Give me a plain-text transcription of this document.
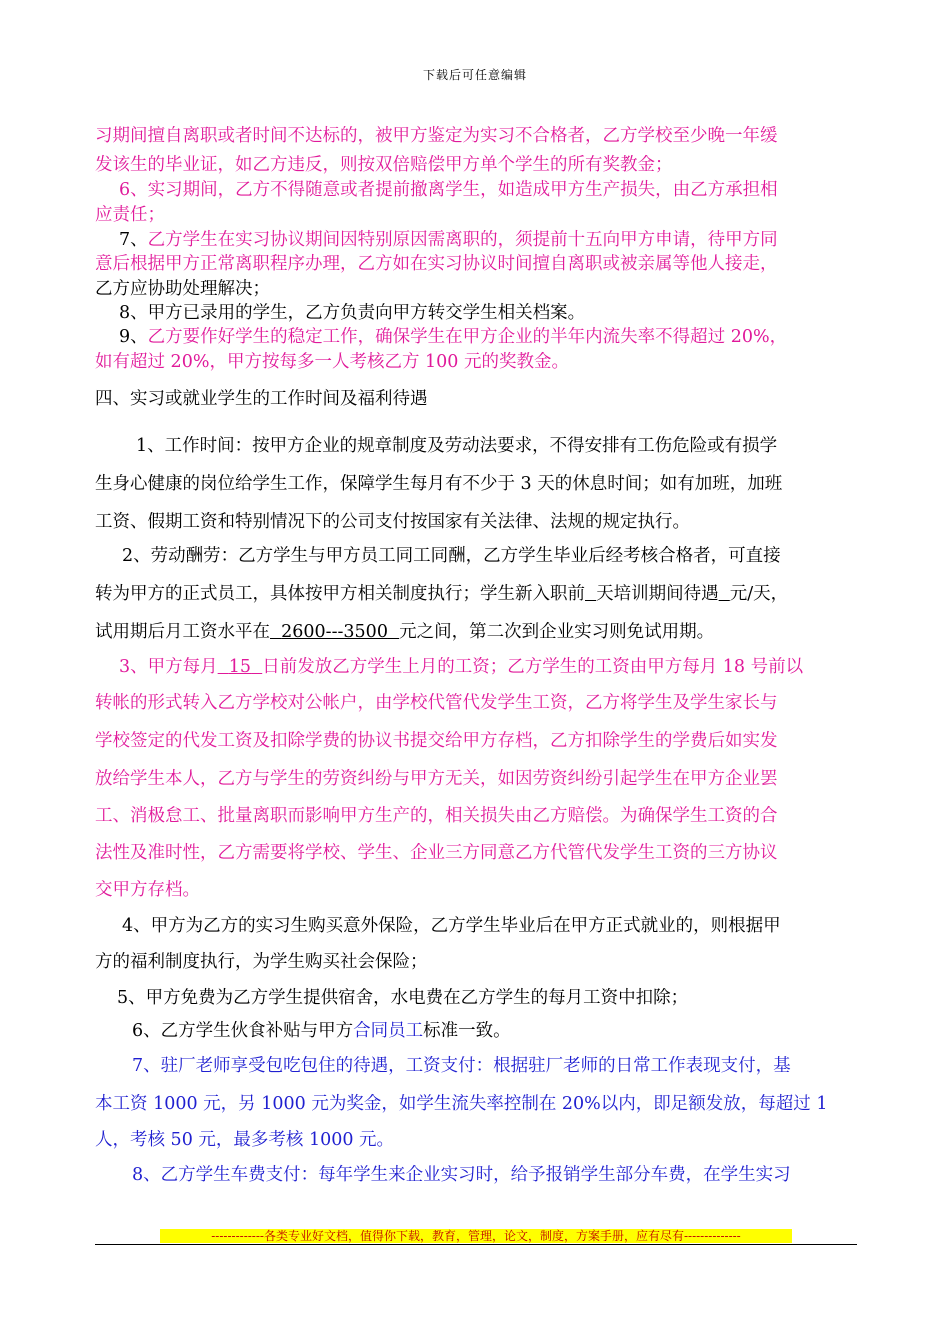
下载后可任意编辑
习期间擅自离职或者时间不达标的，被甲方鉴定为实习不合格者，乙方学校至少晚一年缓
发该生的毕业证，如乙方违反，则按双倍赔偿甲方单个学生的所有奖教金；
6、实习期间，乙方不得随意或者提前撤离学生，如造成甲方生产损失，由乙方承担相
应责任；
7、乙方学生在实习协议期间因特别原因需离职的，须提前十五向甲方申请，待甲方同
意后根据甲方正常离职程序办理，乙方如在实习协议时间擅自离职或被亲属等他人接走，
乙方应协助处理解决；
8、甲方已录用的学生，乙方负责向甲方转交学生相关档案。
9、乙方要作好学生的稳定工作，确保学生在甲方企业的半年内流失率不得超过 20%，
如有超过 20%，甲方按每多一人考核乙方 100 元的奖教金。
四、实习或就业学生的工作时间及福利待遇
1、工作时间：按甲方企业的规章制度及劳动法要求，不得安排有工伤危险或有损学
生身心健康的岗位给学生工作，保障学生每月有不少于 3 天的休息时间；如有加班，加班
工资、假期工资和特别情况下的公司支付按国家有关法律、法规的规定执行。
2、劳动酬劳：乙方学生与甲方员工同工同酬，乙方学生毕业后经考核合格者，可直接
转为甲方的正式员工，具体按甲方相关制度执行；学生新入职前 天培训期间待遇 元/天，
试用期后月工资水平在 2600---3500 元之间，第二次到企业实习则免试用期。
3、甲方每月 15 日前发放乙方学生上月的工资；乙方学生的工资由甲方每月 18 号前以
转帐的形式转入乙方学校对公帐户，由学校代管代发学生工资，乙方将学生及学生家长与
学校签定的代发工资及扣除学费的协议书提交给甲方存档，乙方扣除学生的学费后如实发
放给学生本人，乙方与学生的劳资纠纷与甲方无关，如因劳资纠纷引起学生在甲方企业罢
工、消极怠工、批量离职而影响甲方生产的，相关损失由乙方赔偿。为确保学生工资的合
法性及准时性，乙方需要将学校、学生、企业三方同意乙方代管代发学生工资的三方协议
交甲方存档。
4、甲方为乙方的实习生购买意外保险，乙方学生毕业后在甲方正式就业的，则根据甲
方的福利制度执行，为学生购买社会保险；
5、甲方免费为乙方学生提供宿舍，水电费在乙方学生的每月工资中扣除；
6、乙方学生伙食补贴与甲方合同员工标准一致。
7、驻厂老师享受包吃包住的待遇，工资支付：根据驻厂老师的日常工作表现支付，基
本工资 1000 元，另 1000 元为奖金，如学生流失率控制在 20%以内，即足额发放，每超过 1
人，考核 50 元，最多考核 1000 元。
8、乙方学生车费支付：每年学生来企业实习时，给予报销学生部分车费，在学生实习
-------------各类专业好文档，值得你下载，教育，管理，论文，制度，方案手册，应有尽有--------------
